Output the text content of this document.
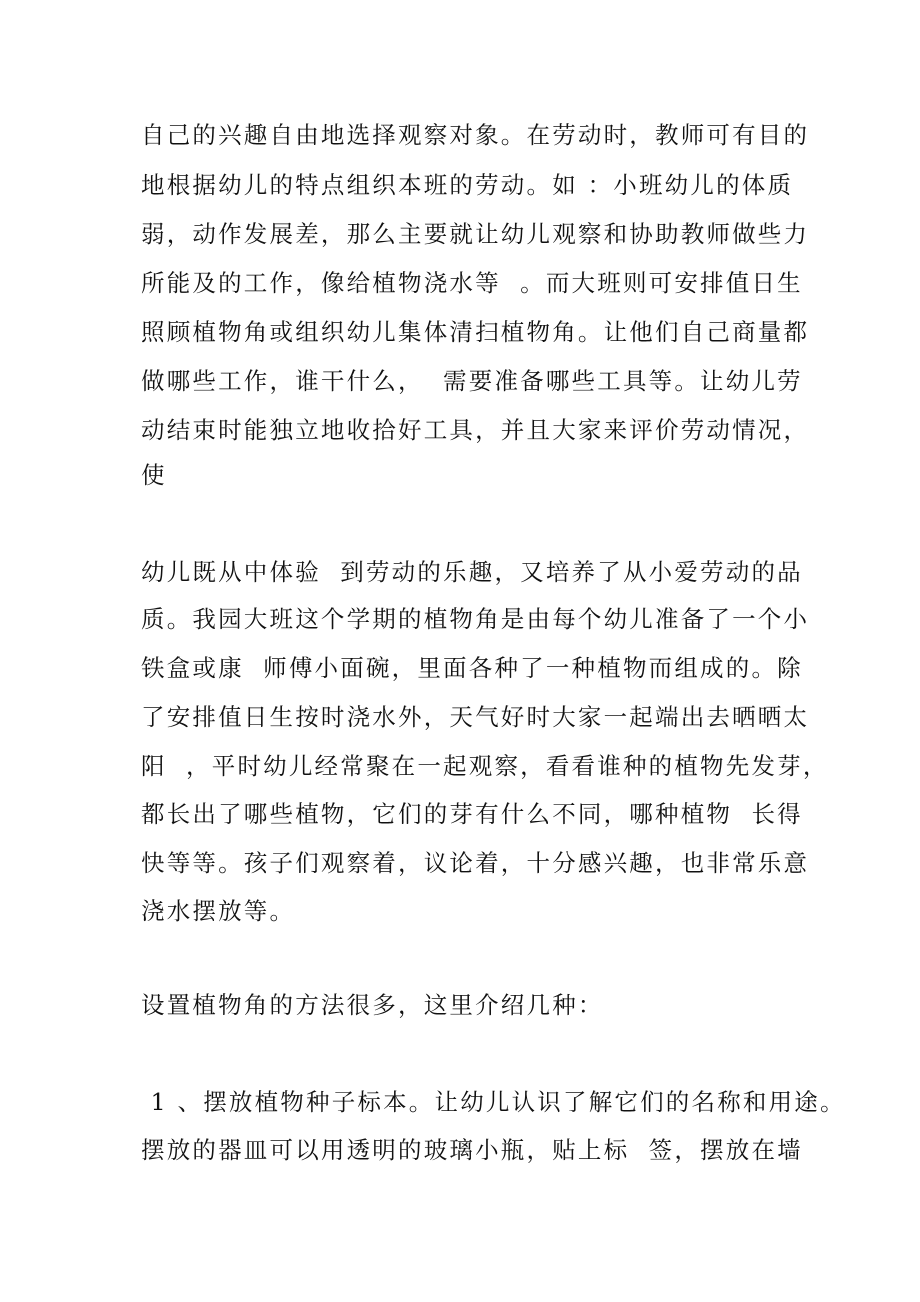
自己的兴趣自由地选择观察对象。在劳动时，教师可有目的
地根据幼儿的特点组织本班的劳动。如 ：小班幼儿的体质
弱，动作发展差，那么主要就让幼儿观察和协助教师做些力
所能及的工作，像给植物浇水等  。而大班则可安排值日生
照顾植物角或组织幼儿集体清扫植物角。让他们自己商量都
做哪些工作，谁干什么，  需要准备哪些工具等。让幼儿劳
动结束时能独立地收拾好工具，并且大家来评价劳动情况，
使
幼儿既从中体验  到劳动的乐趣，又培养了从小爱劳动的品
质。我园大班这个学期的植物角是由每个幼儿准备了一个小
铁盒或康  师傅小面碗，里面各种了一种植物而组成的。除
了安排值日生按时浇水外，天气好时大家一起端出去晒晒太
阳  ，平时幼儿经常聚在一起观察，看看谁种的植物先发芽，
都长出了哪些植物，它们的芽有什么不同，哪种植物  长得
快等等。孩子们观察着，议论着，十分感兴趣，也非常乐意
浇水摆放等。
设置植物角的方法很多，这里介绍几种：
1 、摆放植物种子标本。让幼儿认识了解它们的名称和用途。
摆放的器皿可以用透明的玻璃小瓶，贴上标  签，摆放在墙
